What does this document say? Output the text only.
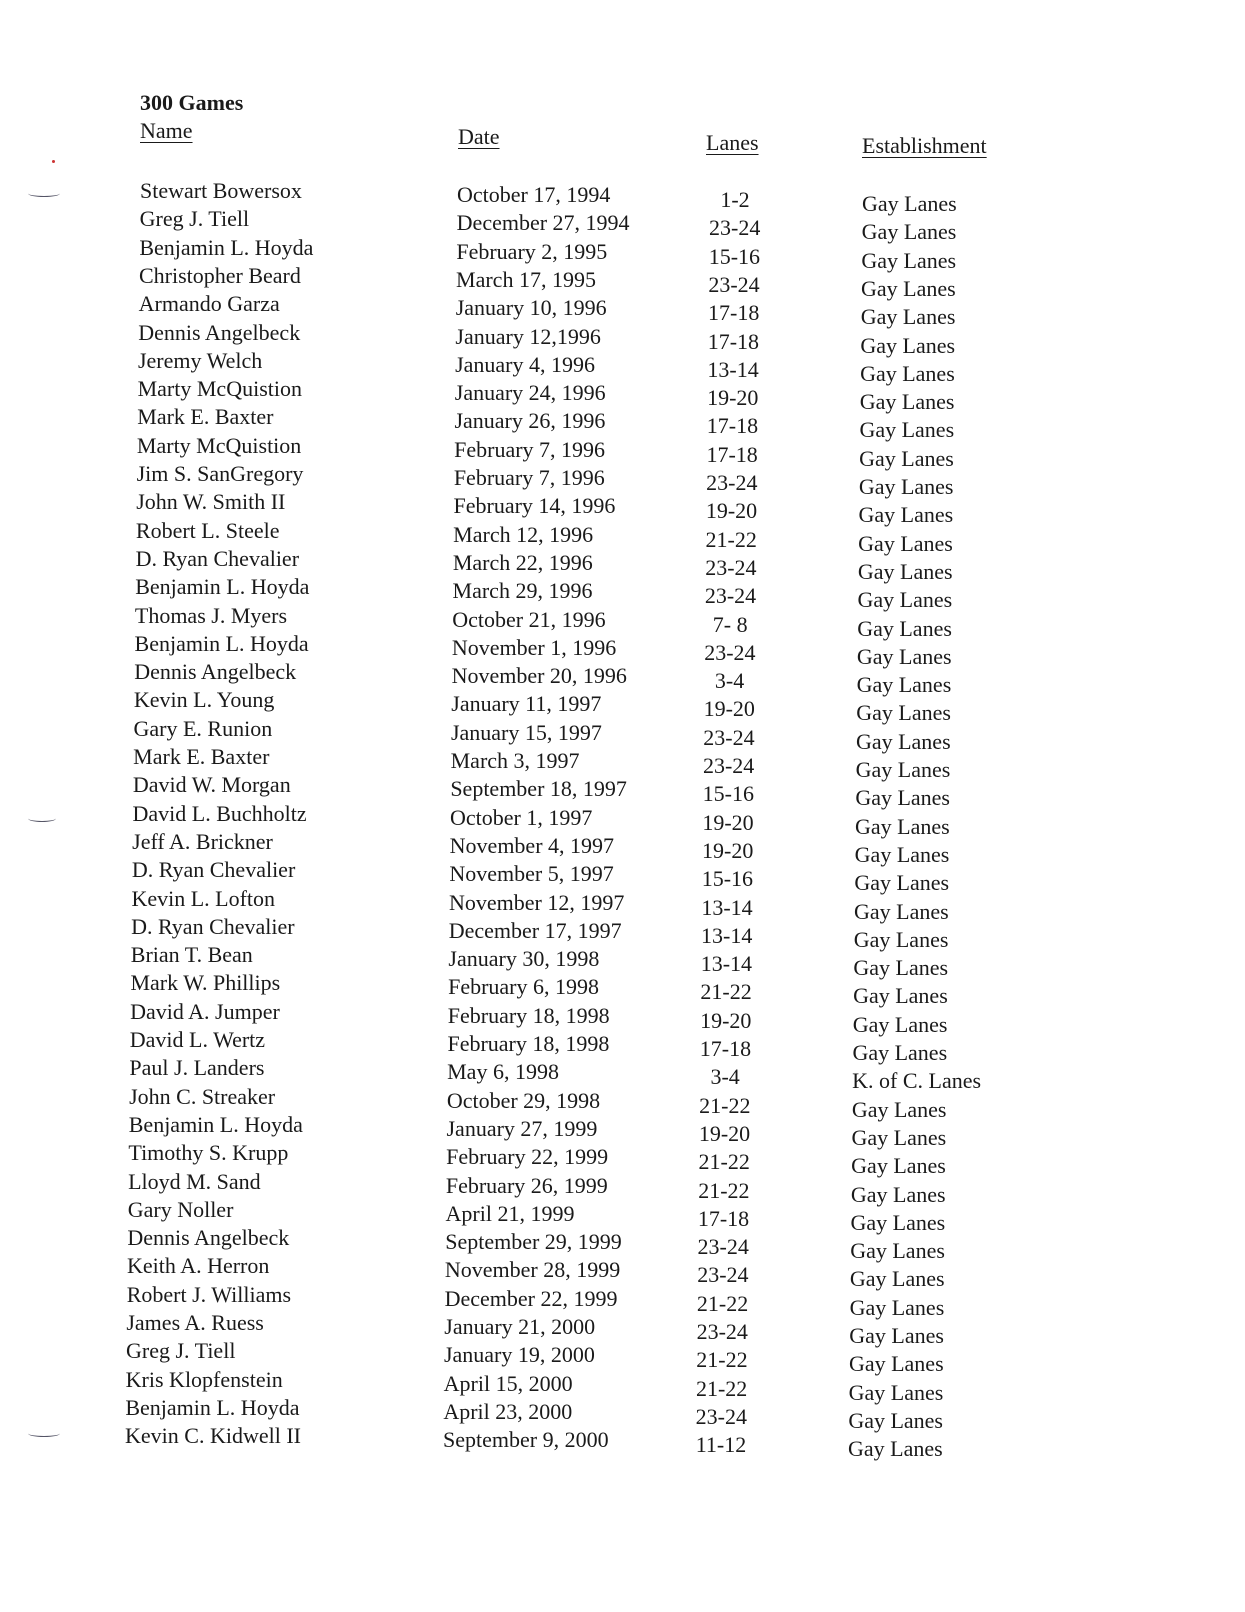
300 Games
Name	Date	Lanes	Establishment
Stewart Bowersox	October 17, 1994	1-2	Gay Lanes
Greg J. Tiell	December 27, 1994	23-24	Gay Lanes
Benjamin L. Hoyda	February 2, 1995	15-16	Gay Lanes
Christopher Beard	March 17, 1995	23-24	Gay Lanes
Armando Garza	January 10, 1996	17-18	Gay Lanes
Dennis Angelbeck	January 12,1996	17-18	Gay Lanes
Jeremy Welch	January 4, 1996	13-14	Gay Lanes
Marty McQuistion	January 24, 1996	19-20	Gay Lanes
Mark E. Baxter	January 26, 1996	17-18	Gay Lanes
Marty McQuistion	February 7, 1996	17-18	Gay Lanes
Jim S. SanGregory	February 7, 1996	23-24	Gay Lanes
John W. Smith II	February 14, 1996	19-20	Gay Lanes
Robert L. Steele	March 12, 1996	21-22	Gay Lanes
D. Ryan Chevalier	March 22, 1996	23-24	Gay Lanes
Benjamin L. Hoyda	March 29, 1996	23-24	Gay Lanes
Thomas J. Myers	October 21, 1996	7- 8	Gay Lanes
Benjamin L. Hoyda	November 1, 1996	23-24	Gay Lanes
Dennis Angelbeck	November 20, 1996	3-4	Gay Lanes
Kevin L. Young	January 11, 1997	19-20	Gay Lanes
Gary E. Runion	January 15, 1997	23-24	Gay Lanes
Mark E. Baxter	March 3, 1997	23-24	Gay Lanes
David W. Morgan	September 18, 1997	15-16	Gay Lanes
David L. Buchholtz	October 1, 1997	19-20	Gay Lanes
Jeff A. Brickner	November 4, 1997	19-20	Gay Lanes
D. Ryan Chevalier	November 5, 1997	15-16	Gay Lanes
Kevin L. Lofton	November 12, 1997	13-14	Gay Lanes
D. Ryan Chevalier	December 17, 1997	13-14	Gay Lanes
Brian T. Bean	January 30, 1998	13-14	Gay Lanes
Mark W. Phillips	February 6, 1998	21-22	Gay Lanes
David A. Jumper	February 18, 1998	19-20	Gay Lanes
David L. Wertz	February 18, 1998	17-18	Gay Lanes
Paul J. Landers	May 6, 1998	3-4	K. of C. Lanes
John C. Streaker	October 29, 1998	21-22	Gay Lanes
Benjamin L. Hoyda	January 27, 1999	19-20	Gay Lanes
Timothy S. Krupp	February 22, 1999	21-22	Gay Lanes
Lloyd M. Sand	February 26, 1999	21-22	Gay Lanes
Gary Noller	April 21, 1999	17-18	Gay Lanes
Dennis Angelbeck	September 29, 1999	23-24	Gay Lanes
Keith A. Herron	November 28, 1999	23-24	Gay Lanes
Robert J. Williams	December 22, 1999	21-22	Gay Lanes
James A. Ruess	January 21, 2000	23-24	Gay Lanes
Greg J. Tiell	January 19, 2000	21-22	Gay Lanes
Kris Klopfenstein	April 15, 2000	21-22	Gay Lanes
Benjamin L. Hoyda	April 23, 2000	23-24	Gay Lanes
Kevin C. Kidwell II	September 9, 2000	11-12	Gay Lanes
